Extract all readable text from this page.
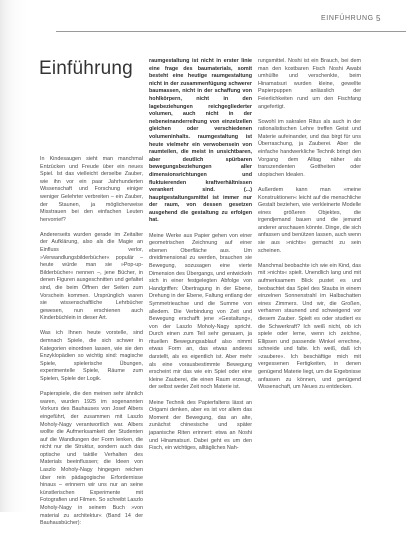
EINFÜHRUNG 5
Einführung

In Kindesaugen sieht man manchmal Entzücken und Freude über ein neues Spiel. Ist das vielleicht derselbe Zauber, wie ihn vor ein paar Jahrhunderten Wissenschaft und Forschung einiger weniger Gelehrter verbreiten – ein Zauber, der Staunen, ja möglicherweise Misstrauen bei den einfachen Leuten hervorrief?

Andererseits wurden gerade im Zeitalter der Aufklärung, also als die Magie an Einfluss verlor, »Verwandlungsbilderbücher« populär – heute würde man sie »Pop-up-Bilderbücher« nennen –, jene Bücher, in denen Figuren ausgeschnitten und gefaltet sind, die beim Öffnen der Seiten zum Vorschein kommen. Ursprünglich waren sie wissenschaftliche Lehrbücher gewesen, nun erschienen auch Kinderbüchlein in dieser Art.

Was ich Ihnen heute vorstelle, sind demnach Spiele, die sich schwer in Kategorien einordnen lassen, wie sie den Enzyklopädien so wichtig sind: magische Spiele, spielerische Übungen, experimentelle Spiele, Räume zum Spielen, Spiele der Logik.

Papierspiele, die den meinen sehr ähnlich waren, wurden 1925 im sogenannten Vorkurs des Bauhauses von Josef Albers eingeführt, der zusammen mit Laszlo Moholy-Nagy verantwortlich war. Albers wollte die Aufmerksamkeit der Studenten auf die Wandlungen der Form lenken, die nicht nur die Struktur, sondern auch das optische und taktile Verhalten des Materials beeinflussen; die Ideen von Laszlo Moholy-Nagy hingegen reichen über rein pädagogische Erfordernisse hinaus – erinnern wir uns nur an seine künstlerischen Experimente mit Fotografien und Filmen. So schreibt Laszlo Moholy-Nagy in seinem Buch »von material zu architektur« (Band 14 der Bauhausbücher):

raumgestaltung ist nicht in erster linie eine frage des baumaterials, somit besteht eine heutige raumgestaltung nicht in der zusammenfügung schwerer baumassen, nicht in der schaffung von hohlkörpern, nicht in den lagebeziehungen reichgegliederter volumen, auch nicht in der nebeneinanderreihung von einzelzellen gleichen oder verschiedenen volumeninhalts. raumgestaltung ist heute vielmehr ein verwobensein von raumteilen, die meist in unsichtbaren, aber deutlich spürbaren bewegungsbeziehungen aller dimensionsrichtungen und fluktuierenden kraftverhältnissen verankert sind. (...) hauptgestaltungsmittel ist immer nur der raum, von dessen gesetzen ausgehend die gestaltung zu erfolgen hat.

Meine Werke aus Papier gehen von einer geometrischen Zeichnung auf einer ebenen Oberfläche aus. Um dreidimensional zu werden, brauchen sie Bewegung, sozusagen eine vierte Dimension des Übergangs, und entwickeln sich in einer festgelegten Abfolge von Handgriffen: Übertragung in der Ebene, Drehung in der Ebene, Faltung entlang der Symmetrieachse und die Summe von alledem. Die Verbindung von Zeit und Bewegung erschafft jene »Gestaltung«, von der Laszlo Moholy-Nagy spricht. Durch einen zum Teil sehr genauen, ja rituellen Bewegungsablauf also nimmt etwas Form an, das etwas anderes darstellt, als es eigentlich ist. Aber mehr als eine vorausbestimmte Bewegung erscheint mir das wie ein Spiel oder eine kleine Zauberei, die einen Raum erzeugt, der selbst weder Zeit noch Materie ist.

Meine Technik des Papierfaltens lässt an Origami denken, aber es ist vor allem das Moment der Bewegung, das an alte, zunächst chinesische und später japanische Riten erinnert: etwa an Noshi und Hinamatsuri. Dabei geht es um den Fisch, ein wichtiges, alltägliches Nah-

rungsmittel. Noshi ist ein Brauch, bei dem man den kostbaren Fisch Noshi Awabi umhüllte und verschenkte, beim Hinamatsuri wurden kleine, gewellte Papierpuppen anlässlich der Feierlichkeiten rund um den Fischfang angefertigt.

Sowohl im sakralen Ritus als auch in der rationalistischen Lehre treffen Geist und Materie aufeinander, und das birgt für uns Überraschung, ja Zauberei. Aber die einfache handwerkliche Technik bringt den Vorgang dem Alltag näher als transzendenten Gottheiten oder utopischen Idealen.

Außerdem kann man »meine Konstruktionen« leicht auf die menschliche Gestalt beziehen, wie verkleinerte Modelle eines größeren Objektes, die irgendjemand bauen und die jemand anderer anschauen könnte. Dinge, die sich anfassen und benützen lassen, auch wenn sie aus »nichts« gemacht zu sein scheinen.

Manchmal beobachte ich wie ein Kind, das mit »nichts« spielt. Unendlich lang und mit aufmerksamem Blick pustet es und beobachtet das Spiel des Staubs in einem einzelnen Sonnenstrahl im Halbschatten eines Zimmers. Und wir, die Großen, verharren staunend und schweigend vor diesem Zauber. Spielt es oder studiert es die Schwerkraft? Ich weiß nicht, ob ich spiele oder lerne, wenn ich zeichne, Ellipsen und passende Winkel errechne, schneide und falte. Ich weiß, daß ich »zaubere«. Ich beschäftige mich mit vergessenen Fertigkeiten, in denen genügend Materie liegt, um die Ergebnisse anfassen zu können, und genügend Wissenschaft, um Neues zu entdecken.
